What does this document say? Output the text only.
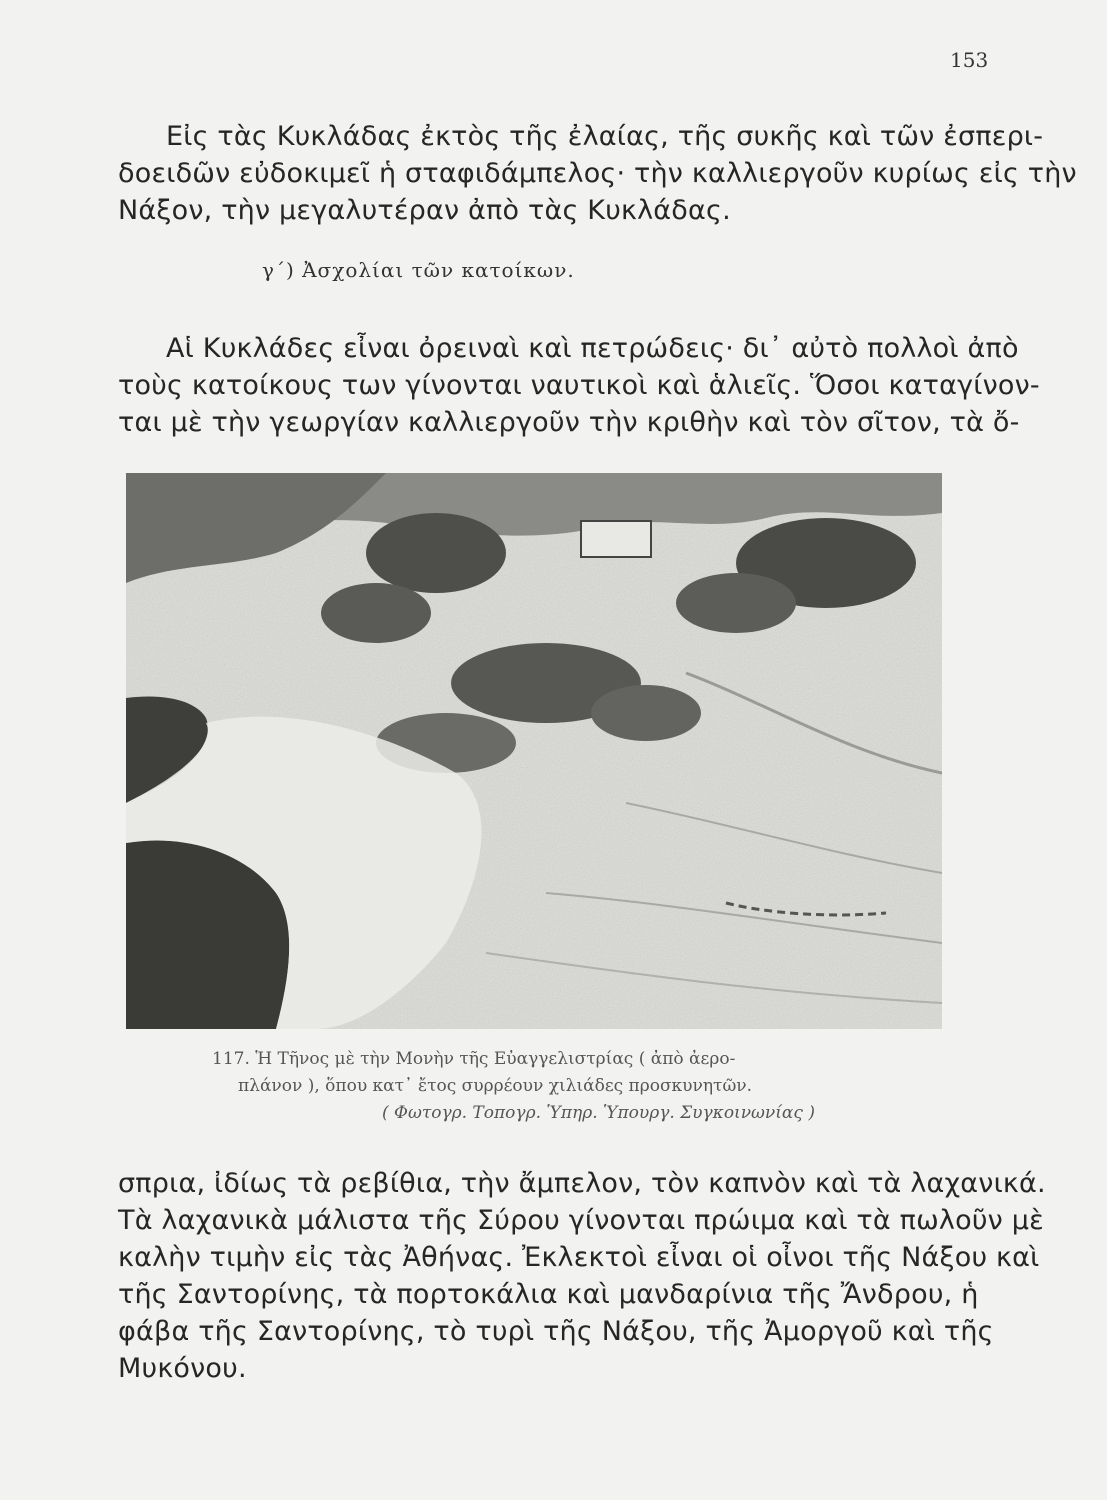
153
Εἰς τὰς Κυκλάδας ἐκτὸς τῆς ἐλαίας, τῆς συκῆς καὶ τῶν ἐσπερι-
δοειδῶν εὐδοκιμεῖ ἡ σταφιδάμπελος· τὴν καλλιεργοῦν κυρίως εἰς τὴν
Νάξον, τὴν μεγαλυτέραν ἀπὸ τὰς Κυκλάδας.
γ΄) Ἀσχολίαι τῶν κατοίκων.
Αἱ Κυκλάδες εἶναι ὀρειναὶ καὶ πετρώδεις· δι᾽ αὐτὸ πολλοὶ ἀπὸ
τοὺς κατοίκους των γίνονται ναυτικοὶ καὶ ἁλιεῖς. Ὅσοι καταγίνον-
ται μὲ τὴν γεωργίαν καλλιεργοῦν τὴν κριθὴν καὶ τὸν σῖτον, τὰ ὄ-
117. Ἡ Τῆνος μὲ τὴν Μονὴν τῆς Εὐαγγελιστρίας ( ἀπὸ ἀερο-
πλάνον ), ὅπου κατ᾽ ἔτος συρρέουν χιλιάδες προσκυνητῶν.
( Φωτογρ. Τοπογρ. Ὑπηρ. Ὑπουργ. Συγκοινωνίας )
σπρια, ἰδίως τὰ ρεβίθια, τὴν ἄμπελον, τὸν καπνὸν καὶ τὰ λαχανικά.
Τὰ λαχανικὰ μάλιστα τῆς Σύρου γίνονται πρώιμα καὶ τὰ πωλοῦν μὲ
καλὴν τιμὴν εἰς τὰς Ἀθήνας. Ἐκλεκτοὶ εἶναι οἱ οἶνοι τῆς Νάξου καὶ
τῆς Σαντορίνης, τὰ πορτοκάλια καὶ μανδαρίνια τῆς Ἄνδρου, ἡ
φάβα τῆς Σαντορίνης, τὸ τυρὶ τῆς Νάξου, τῆς Ἀμοργοῦ καὶ τῆς
Μυκόνου.
